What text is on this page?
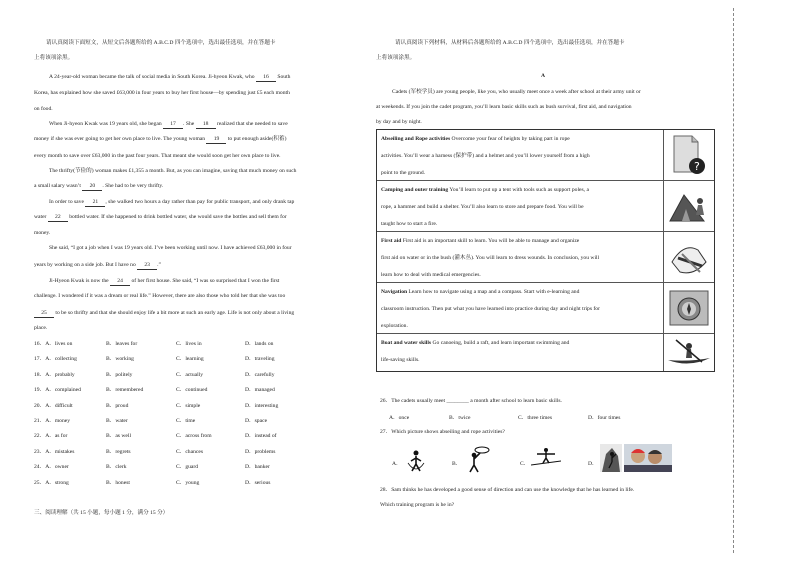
请认真阅读下面短文，从短文后各题所给的 A.B.C.D 四个选项中，选出最佳选项，并在答题卡
上将该项涂黑。
A 24-year-old woman became the talk of social media in South Korea. Ji-hyeon Kwak, who 16 South
Korea, has explained how she saved £63,000 in four years to buy her first house—by spending just £5 each month
on food.
When Ji-hyeon Kwak was 19 years old, she began 17 . She 18 realized that she needed to save
money if she was ever going to get her own place to live. The young woman 19 to put enough aside(积蓄)
every month to save over £63,000 in the past four years. That meant she would soon get her own place to live.
The thrifty(节俭的) woman makes £1,355 a month. But, as you can imagine, saving that much money on such
a small salary wasn’t 20 . She had to be very thrifty.
In order to save 21 , she walked two hours a day rather than pay for public transport, and only drank tap
water 22 bottled water. If she happened to drink bottled water, she would save the bottles and sell them for
money.
She said, “I got a job when I was 19 years old. I’ve been working until now. I have achieved £63,000 in four
years by working on a side job. But I have no 23 .”
Ji-Hyeon Kwak is now the 24 of her first house. She said, “I was so surprised that I won the first
challenge. I wondered if it was a dream or real life.” However, there are also those who told her that she was too
25 to be so thrifty and that she should enjoy life a bit more at such an early age. Life is not only about a living
place.
16．A．lives on	B．leaves for	C．lives in	D．lands on
17．A．collecting	B．working	C．learning	D．traveling
18．A．probably	B．politely	C．actually	D．carefully
19．A．complained	B．remembered	C．continued	D．managed
20．A．difficult	B．proud	C．simple	D．interesting
21．A．money	B．water	C．time	D．space
22．A．as for	B．as well	C．across from	D．instead of
23．A．mistakes	B．regrets	C．chances	D．problems
24．A．owner	B．clerk	C．guard	D．banker
25．A．strong	B．honest	C．young	D．serious
三、阅读理解（共 15 小题，每小题 1 分，满分 15 分）
请认真阅读下列材料，从材料后各题所给的 A.B.C.D 四个选项中，选出最佳选项，并在答题卡
上将该项涂黑。
A
Cadets (军校学员) are young people, like you, who usually meet once a week after school at their army unit or
at weekends. If you join the cadet program, you’ll learn basic skills such as bush survival, first aid, and navigation
by day and by night.
Abseiling and Rope activities Overcome your fear of heights by taking part in rope
activities. You’ll wear a harness (保护带) and a helmet and you’ll lower yourself from a high
point to the ground.	?
Camping and outer training You’ll learn to put up a tent with tools such as support poles, a
rope, a hammer and build a shelter. You’ll also learn to store and prepare food. You will be
taught how to start a fire.
First aid First aid is an important skill to learn. You will be able to manage and organize
first aid on water or in the bush (灌木丛). You will learn to dress wounds. In conclusion, you will
learn how to deal with medical emergencies.
Navigation Learn how to navigate using a map and a compass. Start with e-learning and
classroom instruction. Then put what you have learned into practice during day and night trips for
exploration.
Boat and water skills Go canoeing, build a raft, and learn important swimming and
life-saving skills.
26．The cadets usually meet ________ a month after school to learn basic skills.
A．once	B．twice	C．three times	D．four times
27．Which picture shows abseiling and rope activities?
A．	B．	C．	D．
28．Sam thinks he has developed a good sense of direction and can use the knowledge that he has learned in life.
Which training program is he in?
